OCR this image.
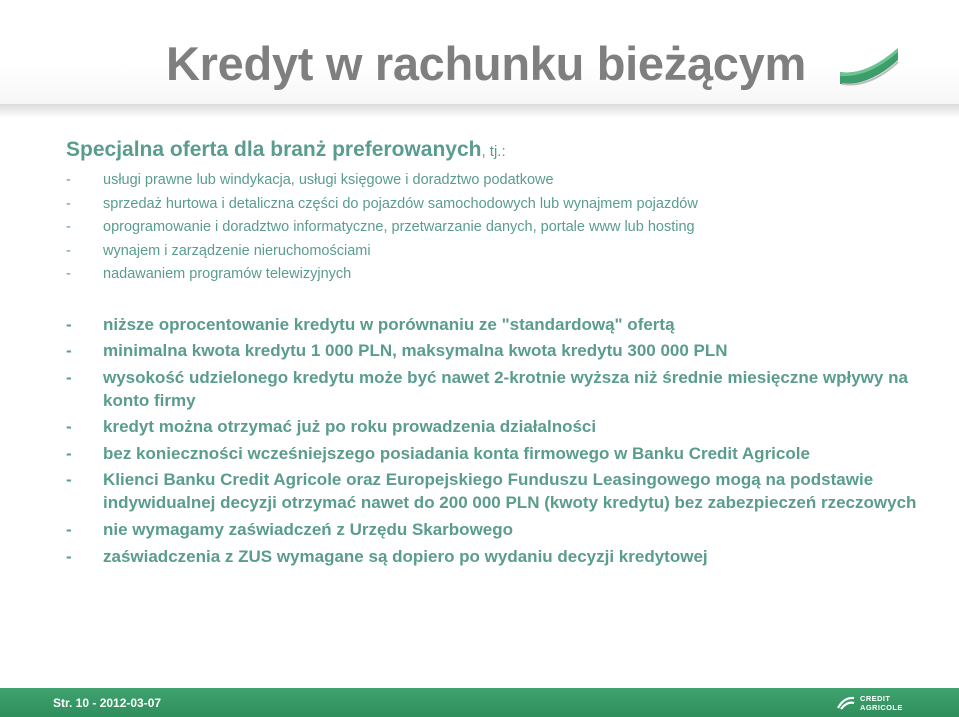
Kredyt w rachunku bieżącym
Specjalna oferta dla branż preferowanych, tj.:
- usługi prawne lub windykacja, usługi księgowe i doradztwo podatkowe
- sprzedaż hurtowa i detaliczna części do pojazdów samochodowych lub wynajmem pojazdów
- oprogramowanie i doradztwo informatyczne, przetwarzanie danych, portale www lub hosting
- wynajem i zarządzenie nieruchomościami
- nadawaniem programów telewizyjnych
- niższe oprocentowanie kredytu w porównaniu ze "standardową" ofertą
- minimalna kwota kredytu 1 000 PLN, maksymalna kwota kredytu 300 000 PLN
- wysokość udzielonego kredytu może być nawet 2-krotnie wyższa niż średnie miesięczne wpływy na konto firmy
- kredyt można otrzymać już po roku prowadzenia działalności
- bez konieczności wcześniejszego posiadania konta firmowego w Banku Credit Agricole
- Klienci Banku Credit Agricole oraz Europejskiego Funduszu Leasingowego mogą na podstawie indywidualnej decyzji otrzymać nawet do 200 000 PLN (kwoty kredytu) bez zabezpieczeń rzeczowych
- nie wymagamy zaświadczeń z Urzędu Skarbowego
- zaświadczenia z ZUS wymagane są dopiero po wydaniu decyzji kredytowej
Str. 10 - 2012-03-07	CREDIT
AGRICOLE
